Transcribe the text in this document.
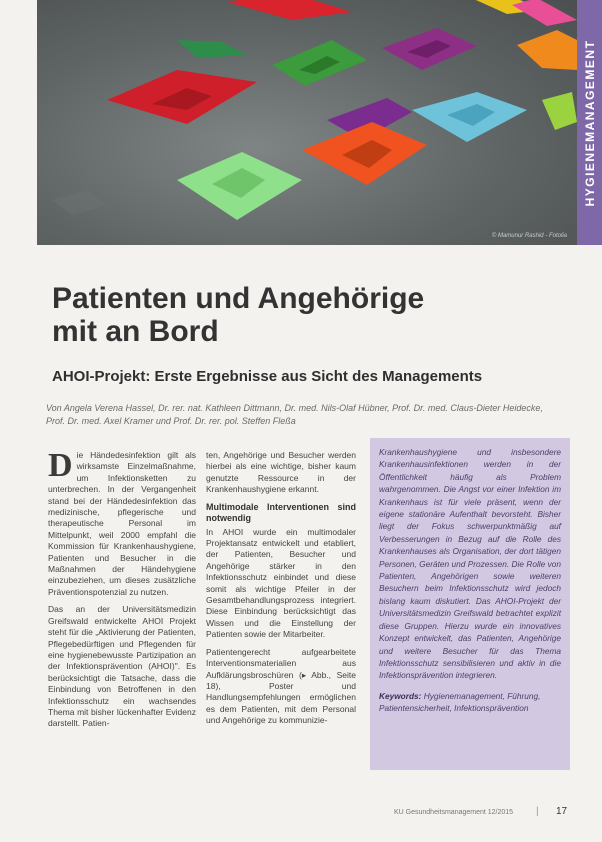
© Mamunur Rashid - Fotolia
HYGIENEMANAGEMENT
Patienten und Angehörige
mit an Bord
AHOI-Projekt: Erste Ergebnisse aus Sicht des Managements

Von Angela Verena Hassel, Dr. rer. nat. Kathleen Dittmann, Dr. med. Nils-Olaf Hübner, Prof. Dr. med. Claus-Dieter Heidecke, Prof. Dr. med. Axel Kramer und Prof. Dr. rer. pol. Steffen Fleßa

Die Händedesinfektion gilt als wirksamste Einzelmaßnahme, um Infektionsketten zu unterbrechen. In der Vergangenheit stand bei der Händedesinfektion das medizinische, pflegerische und therapeutische Personal im Mittelpunkt, weil 2000 empfahl die Kommission für Krankenhaushygiene, Patienten und Besucher in die Maßnahmen der Händehygiene einzubeziehen, um dieses zusätzliche Präventionspotenzial zu nutzen.

Das an der Universitätsmedizin Greifswald entwickelte AHOI Projekt steht für die „Aktivierung der Patienten, Pflegebedürftigen und Pflegenden für eine hygienebewusste Partizipation an der Infektionsprävention (AHOI)". Es berücksichtigt die Tatsache, dass die Einbindung von Betroffenen in den Infektionsschutz ein wachsendes Thema mit bisher lückenhafter Evidenz darstellt. Patien-

ten, Angehörige und Besucher werden hierbei als eine wichtige, bisher kaum genutzte Ressource in der Krankenhaushygiene erkannt.

Multimodale Interventionen sind notwendig

In AHOI wurde ein multimodaler Projektansatz entwickelt und etabliert, der Patienten, Besucher und Angehörige stärker in den Infektionsschutz einbindet und diese somit als wichtige Pfeiler in der Gesamtbehandlungsprozess integriert. Diese Einbindung berücksichtigt das Wissen und die Einstellung der Patienten sowie der Mitarbeiter.

Patientengerecht aufgearbeitete Interventionsmaterialien aus Aufklärungsbroschüren (▸ Abb., Seite 18), Poster und Handlungsempfehlungen ermöglichen es dem Patienten, mit dem Personal und Angehörige zu kommunizie-

Krankenhaushygiene und insbesondere Krankenhausinfektionen werden in der Öffentlichkeit häufig als Problem wahrgenommen. Die Angst vor einer Infektion im Krankenhaus ist für viele präsent, wenn der eigene stationäre Aufenthalt bevorsteht. Bisher liegt der Fokus schwerpunktmäßig auf Verbesserungen in Bezug auf die Rolle des Krankenhauses als Organisation, der dort tätigen Personen, Geräten und Prozessen. Die Rolle von Patienten, Angehörigen sowie weiteren Besuchern beim Infektionsschutz wird jedoch bislang kaum diskutiert. Das AHOI-Projekt der Universitätsmedizin Greifswald betrachtet explizit diese Gruppen. Hierzu wurde ein innovatives Konzept entwickelt, das Patienten, Angehörige und weitere Besucher für das Thema Infektionsschutz sensibilisieren und aktiv in die Infektionsprävention integrieren.

Keywords: Hygienemanagement, Führung, Patientensicherheit, Infektionsprävention

KU Gesundheitsmanagement 12/2015 | 17
